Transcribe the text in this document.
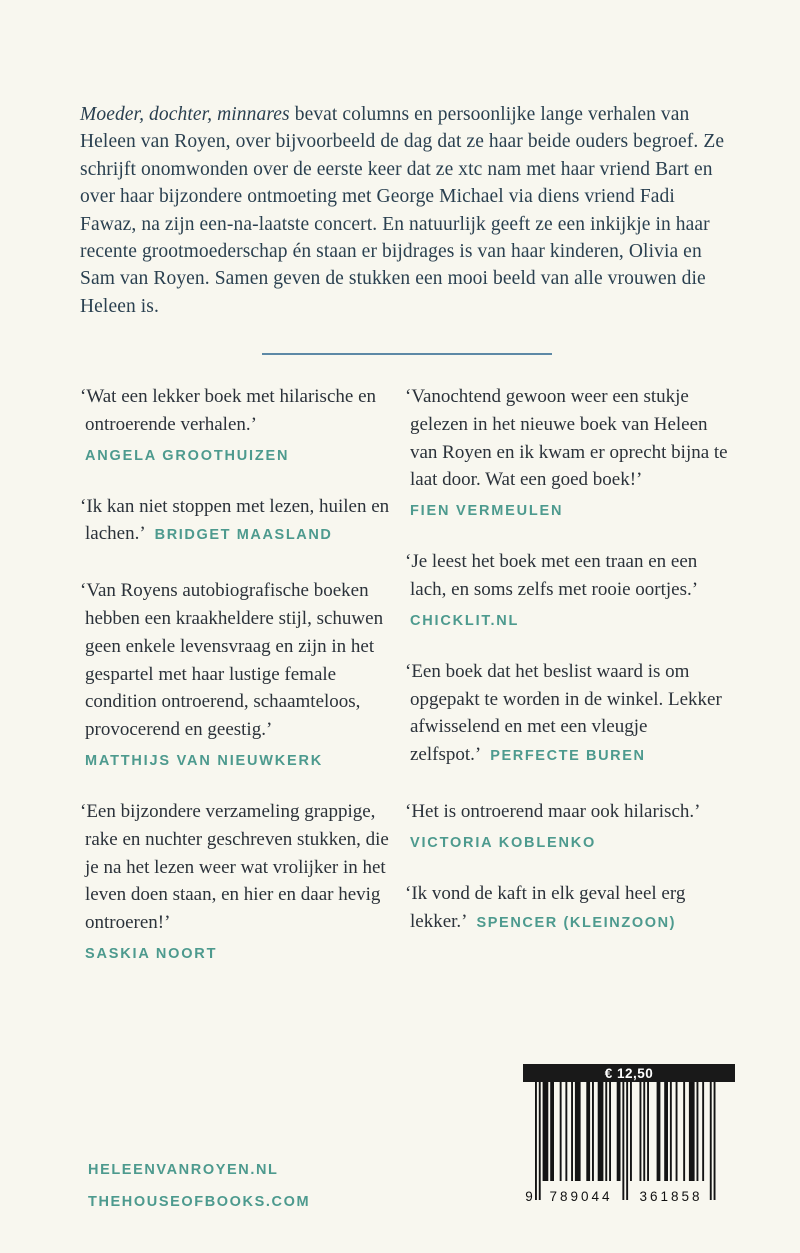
Moeder, dochter, minnares bevat columns en persoonlijke lange verhalen van Heleen van Royen, over bijvoorbeeld de dag dat ze haar beide ouders begroef. Ze schrijft onomwonden over de eerste keer dat ze xtc nam met haar vriend Bart en over haar bijzondere ontmoeting met George Michael via diens vriend Fadi Fawaz, na zijn een-na-laatste concert. En natuurlijk geeft ze een inkijkje in haar recente grootmoederschap én staan er bijdrages is van haar kinderen, Olivia en Sam van Royen. Samen geven de stukken een mooi beeld van alle vrouwen die Heleen is.

‘Wat een lekker boek met hilarische en ontroerende verhalen.’

ANGELA GROOTHUIZEN

‘Ik kan niet stoppen met lezen, huilen en lachen.’ BRIDGET MAASLAND

‘Van Royens autobiografische boeken hebben een kraakheldere stijl, schuwen geen enkele levensvraag en zijn in het gespartel met haar lustige female condition ontroerend, schaamteloos, provocerend en geestig.’

MATTHIJS VAN NIEUWKERK

‘Een bijzondere verzameling grappige, rake en nuchter geschreven stukken, die je na het lezen weer wat vrolijker in het leven doen staan, en hier en daar hevig ontroeren!’

SASKIA NOORT

‘Vanochtend gewoon weer een stukje gelezen in het nieuwe boek van Heleen van Royen en ik kwam er oprecht bijna te laat door. Wat een goed boek!’

FIEN VERMEULEN

‘Je leest het boek met een traan en een lach, en soms zelfs met rooie oortjes.’

CHICKLIT.NL

‘Een boek dat het beslist waard is om opgepakt te worden in de winkel. Lekker afwisselend en met een vleugje zelfspot.’ PERFECTE BUREN

‘Het is ontroerend maar ook hilarisch.’

VICTORIA KOBLENKO

‘Ik vond de kaft in elk geval heel erg lekker.’ SPENCER (KLEINZOON)

HELEENVANROYEN.NL
THEHOUSEOFBOOKS.COM
€ 12,50
9	789044	361858
